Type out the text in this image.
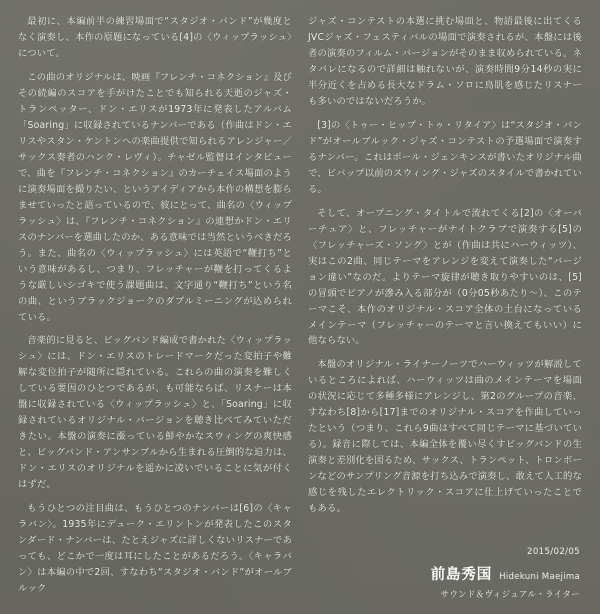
最初に、本編前半の練習場面で“スタジオ・バンド”が幾度となく演奏し、本作の原題になっている[4]の〈ウィップラッシュ〉について。

この曲のオリジナルは、映画『フレンチ・コネクション』及びその続編のスコアを手がけたことでも知られる天逝のジャズ・トランペッター、ドン・エリスが1973年に発表したアルバム「Soaring」に収録されているナンバーである（作曲はドン・エリスやスタン・ケントンへの楽曲提供で知られるアレンジャー／サックス奏者のハンク・レヴィ）。チャゼル監督はインタビューで、曲を『フレンチ・コネクション』のカーチェイス場面のように演奏場面を撮りたい、というアイディアから本作の構想を膨らませていったと語っているので、彼にとって、曲名の〈ウィップラッシュ〉は、『フレンチ・コネクション』の連想かドン・エリスのナンバーを選曲したのか、ある意味では当然というべきだろう。また、曲名の〈ウィップラッシュ〉には英語で“鞭打ち”という意味があるし、つまり、フレッチャーが鞭を打ってくるような厳しいシゴキで使う課題曲は、文字通り“鞭打ち”という名の曲、というブラックジョークのダブルミーニングが込められている。

音楽的に見ると、ビッグバンド編成で書かれた〈ウィップラッシュ〉には、ドン・エリスのトレードマークだった変拍子や難解な変位拍子が随所に隠れている。これらの曲の演奏を難しくしている要因のひとつであるが、も可能ならば、リスナーは本盤に収録されている〈ウィップラッシュ〉と、「Soaring」に収録されているオリジナル・バージョンを聴き比べてみていただきたい。本盤の演奏に漲っている鮮やかなスウィングの爽快感と、ビッグバンド・アンサンブルから生まれる圧倒的な迫力は、ドン・エリスのオリジナルを遥かに凌いでいることに気が付くはずだ。

もうひとつの注目曲は、もうひとつのナンバーは[6]の〈キャラバン〉。1935年にデューク・エリントンが発表したこのスタンダード・ナンバーは、たとえジャズに詳しくないリスナーであっても、どこかで一度は耳にしたことがあるだろう。〈キャラバン〉は本編の中で2回、すなわち“スタジオ・バンド”がオールブルック

ジャズ・コンテストの本選に挑む場面と、物語最後に出てくるJVCジャズ・フェスティバルの場面で演奏されるが、本盤には後者の演奏のフィルム・バージョンがそのまま収められている。ネタバレになるので詳細は触れないが、演奏時間9分14秒の実に半分近くを占める長大なドラム・ソロに鳥肌を感じたリスナーも多いのではないだろうか。

[3]の〈トゥー・ヒップ・トゥ・リタイア〉は“スタジオ・バンド”がオールブルック・ジャズ・コンテストの予選場面で演奏するナンバー。これはポール・ジェンキンスが書いたオリジナル曲で、ビバップ以前のスウィング・ジャズのスタイルで書かれている。

そして、オープニング・タイトルで流れてくる[2]の〈オーバーチュア〉と、フレッチャーがナイトクラブで演奏する[5]の〈フレッチャーズ・ソング〉とが（作曲は共にハーウィッツ）、実はこの2曲、同じテーマをアレンジを変えて演奏した“バージョン違い”なのだ。よりテーマ旋律が聴き取りやすいのは、[5]の冒頭でピアノが滲み入る部分が（0分05秒あたり〜）、このテーマこそ、本作のオリジナル・スコア全体の土台になっているメインテーマ（フレッチャーのテーマと言い換えてもいい）に他ならない。

本盤のオリジナル・ライナーノーツでハーウィッツが解説しているところによれば、ハーウィッツは曲のメインテーマを場面の状況に応じて多種多様にアレンジし、第2のグループの音楽、すなわち[8]から[17]までのオリジナル・スコアを作曲していったという（つまり、これら9曲はすべて同じテーマに基づいている）。録音に際しては、本編全体を覆い尽くすビッグバンドの生演奏と差別化を図るため、サックス、トランペット、トロンボーンなどのサンプリング音源を打ち込みで演奏し、敢えて人工的な感じを残したエレクトリック・スコアに仕上げていったことでもある。

2015/02/05
前島秀国 Hidekuni Maejima
サウンド＆ヴィジュアル・ライター
